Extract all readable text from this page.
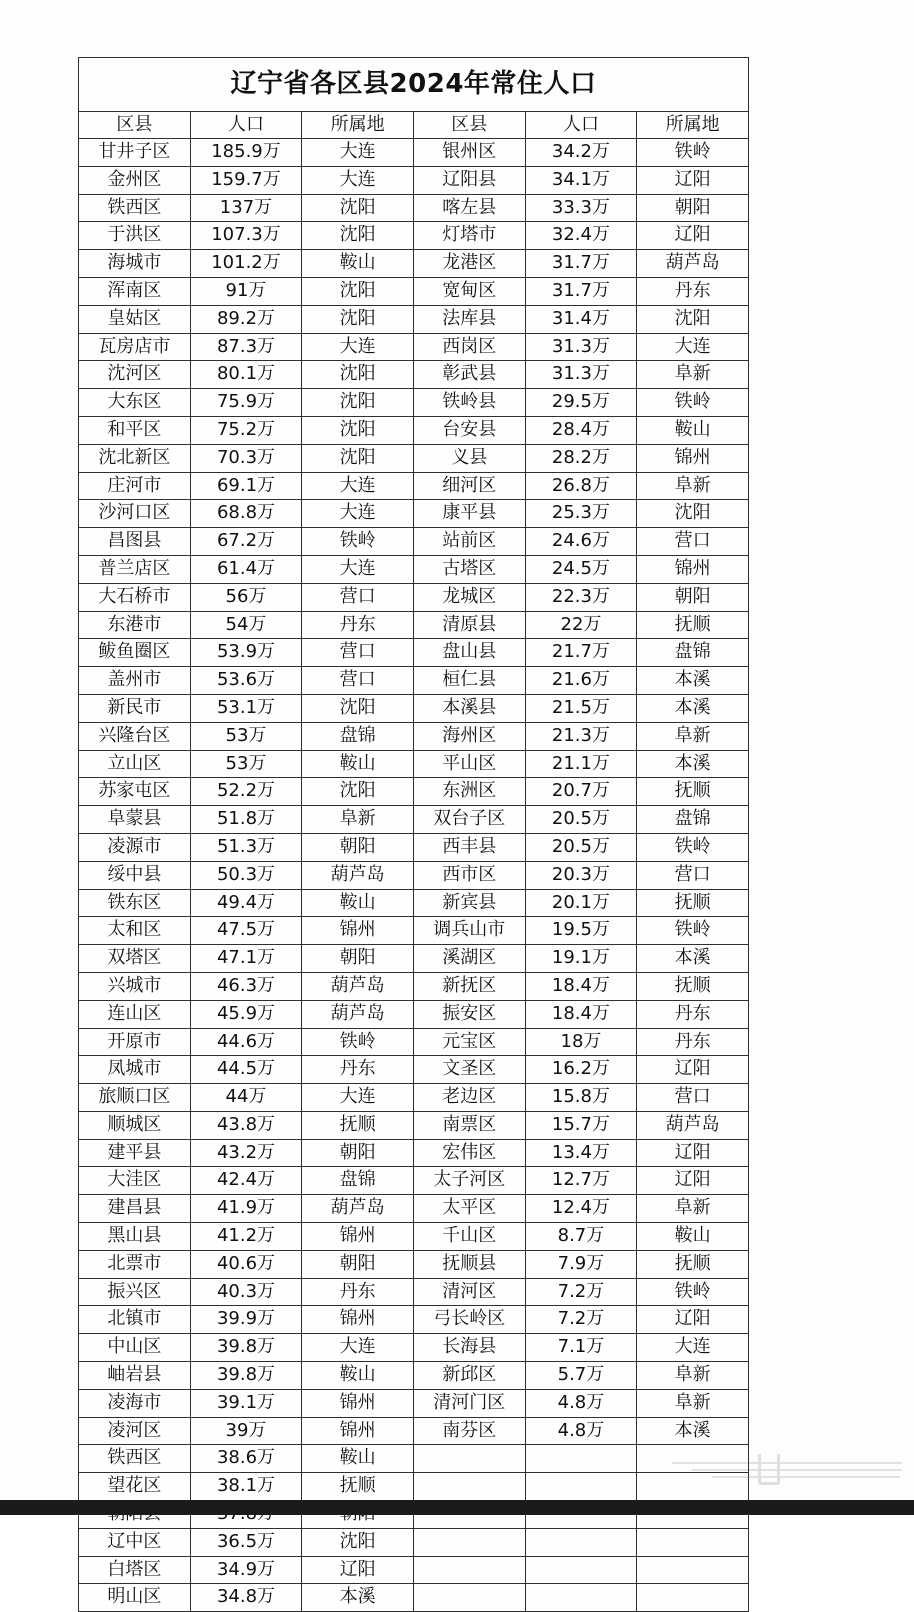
辽宁省各区县2024年常住人口					
区县	人口	所属地	区县	人口	所属地
甘井子区	185.9万	大连	银州区	34.2万	铁岭
金州区	159.7万	大连	辽阳县	34.1万	辽阳
铁西区	137万	沈阳	喀左县	33.3万	朝阳
于洪区	107.3万	沈阳	灯塔市	32.4万	辽阳
海城市	101.2万	鞍山	龙港区	31.7万	葫芦岛
浑南区	91万	沈阳	宽甸区	31.7万	丹东
皇姑区	89.2万	沈阳	法库县	31.4万	沈阳
瓦房店市	87.3万	大连	西岗区	31.3万	大连
沈河区	80.1万	沈阳	彰武县	31.3万	阜新
大东区	75.9万	沈阳	铁岭县	29.5万	铁岭
和平区	75.2万	沈阳	台安县	28.4万	鞍山
沈北新区	70.3万	沈阳	义县	28.2万	锦州
庄河市	69.1万	大连	细河区	26.8万	阜新
沙河口区	68.8万	大连	康平县	25.3万	沈阳
昌图县	67.2万	铁岭	站前区	24.6万	营口
普兰店区	61.4万	大连	古塔区	24.5万	锦州
大石桥市	56万	营口	龙城区	22.3万	朝阳
东港市	54万	丹东	清原县	22万	抚顺
鲅鱼圈区	53.9万	营口	盘山县	21.7万	盘锦
盖州市	53.6万	营口	桓仁县	21.6万	本溪
新民市	53.1万	沈阳	本溪县	21.5万	本溪
兴隆台区	53万	盘锦	海州区	21.3万	阜新
立山区	53万	鞍山	平山区	21.1万	本溪
苏家屯区	52.2万	沈阳	东洲区	20.7万	抚顺
阜蒙县	51.8万	阜新	双台子区	20.5万	盘锦
凌源市	51.3万	朝阳	西丰县	20.5万	铁岭
绥中县	50.3万	葫芦岛	西市区	20.3万	营口
铁东区	49.4万	鞍山	新宾县	20.1万	抚顺
太和区	47.5万	锦州	调兵山市	19.5万	铁岭
双塔区	47.1万	朝阳	溪湖区	19.1万	本溪
兴城市	46.3万	葫芦岛	新抚区	18.4万	抚顺
连山区	45.9万	葫芦岛	振安区	18.4万	丹东
开原市	44.6万	铁岭	元宝区	18万	丹东
凤城市	44.5万	丹东	文圣区	16.2万	辽阳
旅顺口区	44万	大连	老边区	15.8万	营口
顺城区	43.8万	抚顺	南票区	15.7万	葫芦岛
建平县	43.2万	朝阳	宏伟区	13.4万	辽阳
大洼区	42.4万	盘锦	太子河区	12.7万	辽阳
建昌县	41.9万	葫芦岛	太平区	12.4万	阜新
黑山县	41.2万	锦州	千山区	8.7万	鞍山
北票市	40.6万	朝阳	抚顺县	7.9万	抚顺
振兴区	40.3万	丹东	清河区	7.2万	铁岭
北镇市	39.9万	锦州	弓长岭区	7.2万	辽阳
中山区	39.8万	大连	长海县	7.1万	大连
岫岩县	39.8万	鞍山	新邱区	5.7万	阜新
凌海市	39.1万	锦州	清河门区	4.8万	阜新
凌河区	39万	锦州	南芬区	4.8万	本溪
铁西区	38.6万	鞍山			
望花区	38.1万	抚顺			

辽中区	36.5万	沈阳			
白塔区	34.9万	辽阳			
明山区	34.8万	本溪			
